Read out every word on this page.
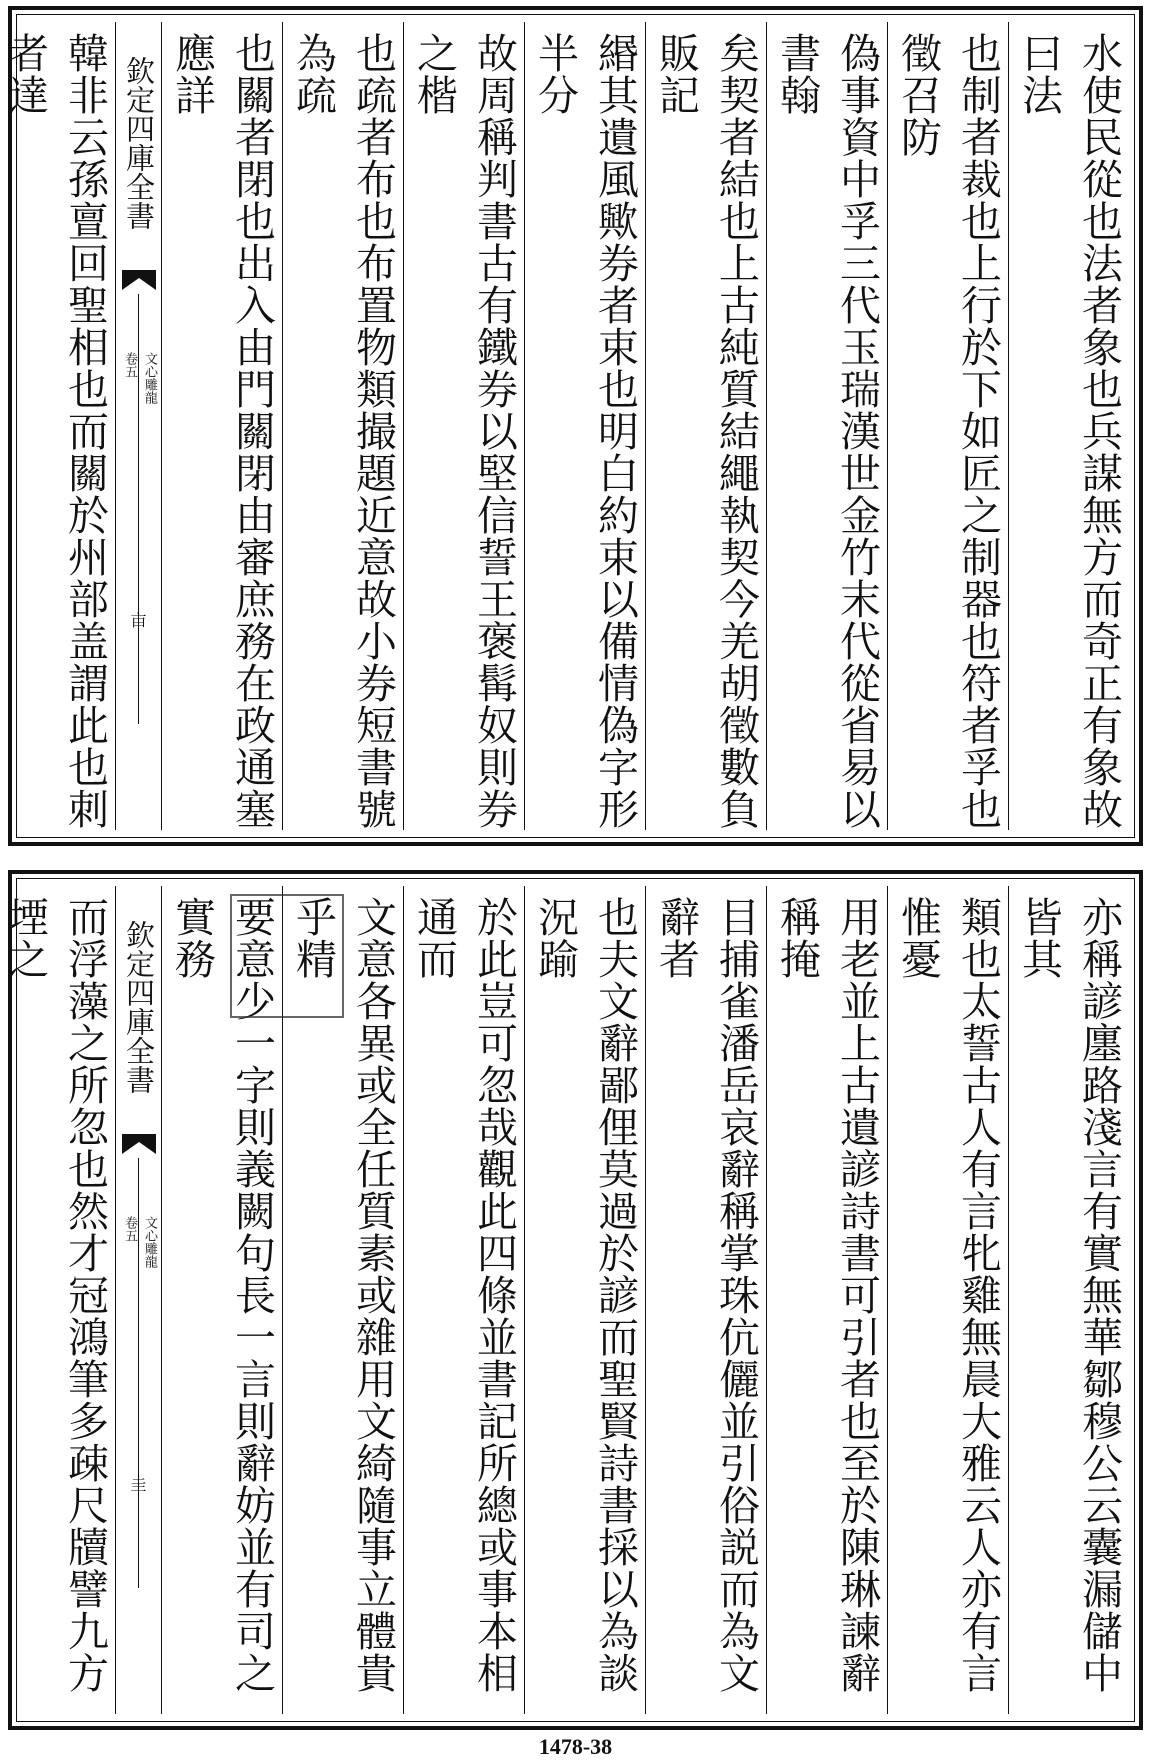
水使民從也法者象也兵謀無方而奇正有象故曰法
也制者裁也上行於下如匠之制器也符者孚也徵召防
偽事資中孚三代玉瑞漢世金竹末代從省易以書翰
矣契者結也上古純質結繩執契今羌胡徵數負販記
緡其遺風歟券者束也明白約束以備情偽字形半分
故周稱判書古有鐵券以堅信誓王褒髯奴則券之楷
也疏者布也布置物類撮題近意故小券短書號為疏
也關者閉也出入由門關閉由審庶務在政通塞應詳
欽定四庫全書
文心雕龍
卷五
亩
韓非云孫亶回聖相也而關於州部盖謂此也刺者達
亦稱諺廛路淺言有實無華鄒穆公云囊漏儲中皆其
類也太誓古人有言牝雞無晨大雅云人亦有言惟憂
用老並上古遺諺詩書可引者也至於陳琳諫辭稱掩
目捕雀潘岳哀辭稱掌珠伉儷並引俗説而為文辭者
也夫文辭鄙俚莫過於諺而聖賢詩書採以為談況踰
於此豈可忽哉觀此四條並書記所總或事本相通而
文意各異或全任質素或雜用文綺隨事立體貴乎精
要意少一字則義闕句長一言則辭妨並有司之實務
欽定四庫全書
文心雕龍
卷五
圭
而浮藻之所忽也然才冠鴻筆多疎尺牘譬九方堙之
1478-38
